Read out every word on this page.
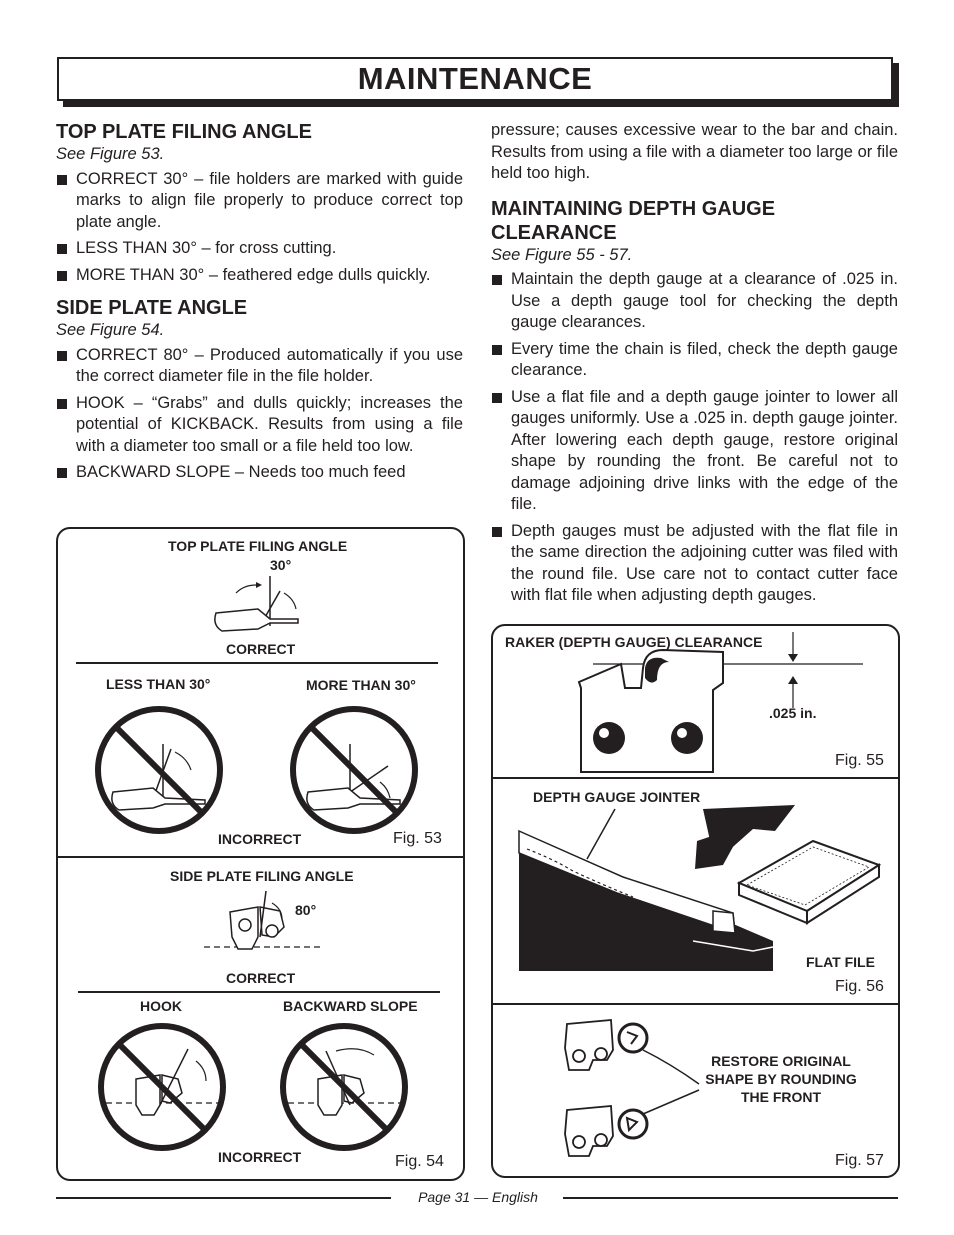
MAINTENANCE
TOP PLATE FILING ANGLE
See Figure 53.
CORRECT 30° – file holders are marked with guide marks to align file properly to produce correct top plate angle.
LESS THAN 30° – for cross cutting.
MORE THAN 30° – feathered edge dulls quickly.
SIDE PLATE ANGLE
See Figure 54.
CORRECT 80° – Produced automatically if you use the correct diameter file in the file holder.
HOOK – “Grabs” and dulls quickly; increases the potential of KICKBACK. Results from using a file with a diameter too small or a file held too low.
BACKWARD SLOPE – Needs too much feed
pressure; causes excessive wear to the bar and chain. Results from using a file with a diameter too large or file held too high.
MAINTAINING DEPTH GAUGE CLEARANCE
See Figure 55 - 57.
Maintain the depth gauge at a clearance of .025 in. Use a depth gauge tool for checking the depth gauge clearances.
Every time the chain is filed, check the depth gauge clearance.
Use a flat file and a depth gauge jointer to lower all gauges uniformly. Use a .025 in. depth gauge jointer. After lowering each depth gauge, restore original shape by rounding the front. Be careful not to damage adjoining drive links with the edge of the file.
Depth gauges must be adjusted with the flat file in the same direction the adjoining cutter was filed with the round file. Use care not to contact cutter face with flat file when adjusting depth gauges.
TOP PLATE FILING ANGLE
30°
CORRECT
LESS THAN 30°	MORE THAN 30°
INCORRECT	Fig. 53
SIDE PLATE FILING ANGLE
80°
CORRECT
HOOK	BACKWARD SLOPE
INCORRECT	Fig. 54
RAKER (DEPTH GAUGE) CLEARANCE
.025 in.
Fig. 55
DEPTH GAUGE JOINTER
FLAT FILE
Fig. 56
RESTORE ORIGINAL
SHAPE BY ROUNDING
THE FRONT
Fig. 57
Page 31 — English
